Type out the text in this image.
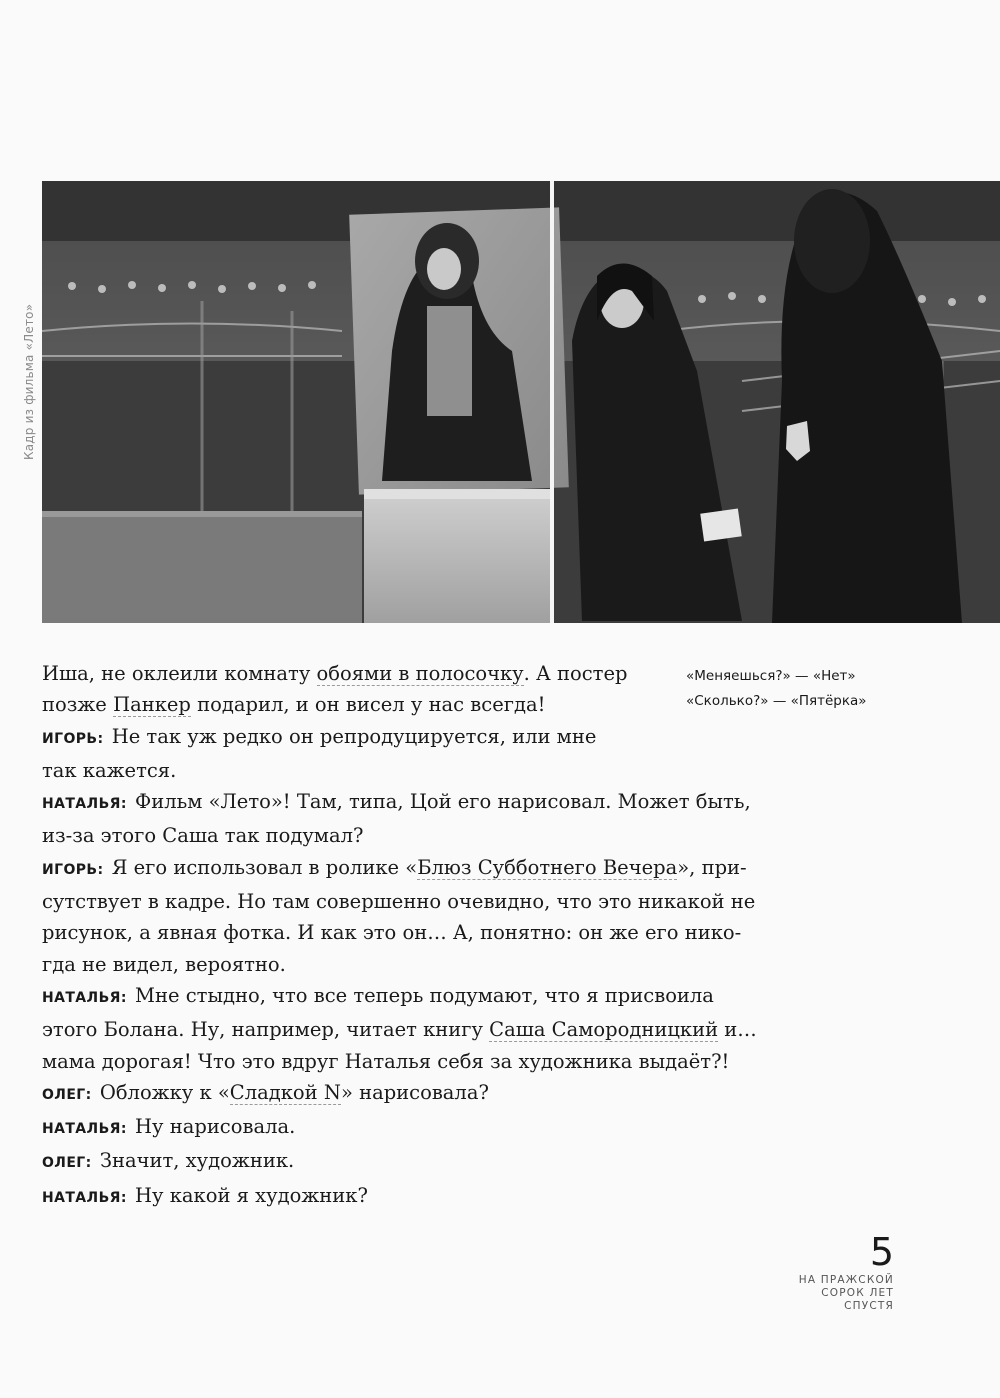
Кадр из фильма «Лето»
Иша, не оклеили комнату обоями в полосочку. А постер
позже Панкер подарил, и он висел у нас всегда!
ИГОРЬ: Не так уж редко он репродуцируется, или мне
так кажется.
НАТАЛЬЯ: Фильм «Лето»! Там, типа, Цой его нарисовал. Может быть,
из-за этого Саша так подумал?
ИГОРЬ: Я его использовал в ролике «Блюз Субботнего Вечера», при-
сутствует в кадре. Но там совершенно очевидно, что это никакой не
рисунок, а явная фотка. И как это он… А, понятно: он же его нико-
гда не видел, вероятно.
НАТАЛЬЯ: Мне стыдно, что все теперь подумают, что я присвоила
этого Болана. Ну, например, читает книгу Саша Самородницкий и…
мама дорогая! Что это вдруг Наталья себя за художника выдаёт?!
ОЛЕГ: Обложку к «Сладкой N» нарисовала?
НАТАЛЬЯ: Ну нарисовала.
ОЛЕГ: Значит, художник.
НАТАЛЬЯ: Ну какой я художник?
«Меняешься?» — «Нет»
«Сколько?» — «Пятёрка»
5
НА ПРАЖСКОЙ
СОРОК ЛЕТ
СПУСТЯ
